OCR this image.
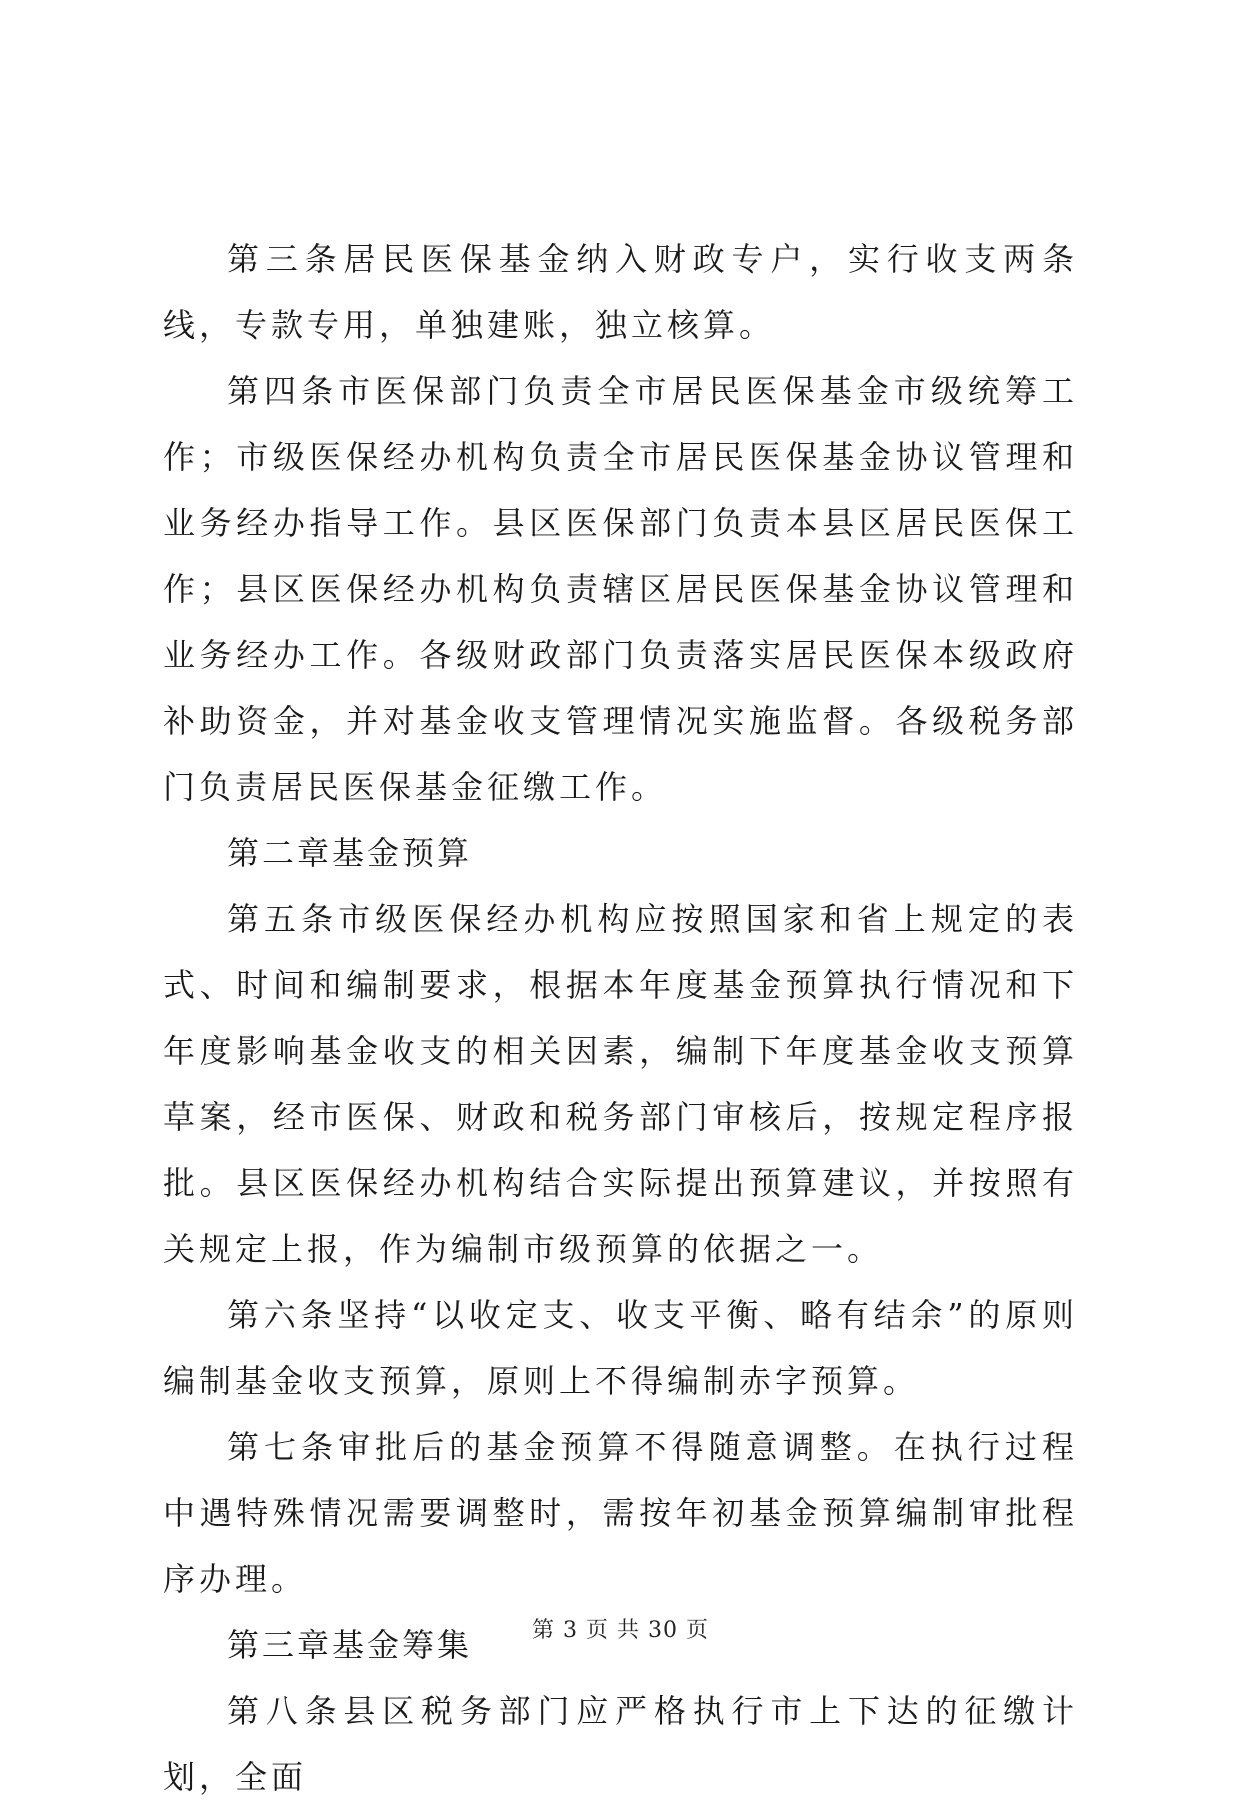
第三条居民医保基金纳入财政专户，实行收支两条线，专款专用，单独建账，独立核算。

第四条市医保部门负责全市居民医保基金市级统筹工作；市级医保经办机构负责全市居民医保基金协议管理和业务经办指导工作。县区医保部门负责本县区居民医保工作；县区医保经办机构负责辖区居民医保基金协议管理和业务经办工作。各级财政部门负责落实居民医保本级政府补助资金，并对基金收支管理情况实施监督。各级税务部门负责居民医保基金征缴工作。

第二章基金预算

第五条市级医保经办机构应按照国家和省上规定的表式、时间和编制要求，根据本年度基金预算执行情况和下年度影响基金收支的相关因素，编制下年度基金收支预算草案，经市医保、财政和税务部门审核后，按规定程序报批。县区医保经办机构结合实际提出预算建议，并按照有关规定上报，作为编制市级预算的依据之一。

第六条坚持“以收定支、收支平衡、略有结余”的原则编制基金收支预算，原则上不得编制赤字预算。

第七条审批后的基金预算不得随意调整。在执行过程中遇特殊情况需要调整时，需按年初基金预算编制审批程序办理。

第三章基金筹集

第八条县区税务部门应严格执行市上下达的征缴计划，全面

第 3 页 共 30 页
